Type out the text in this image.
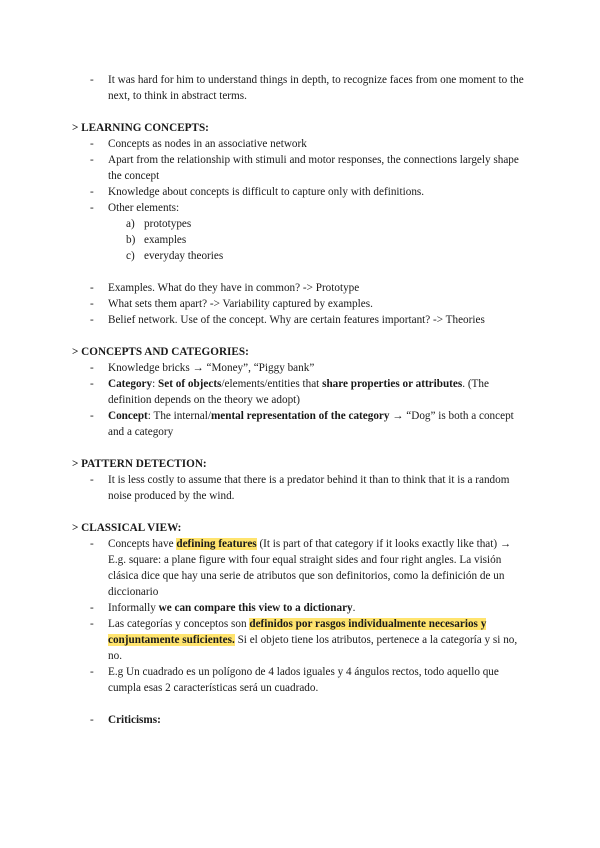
- It was hard for him to understand things in depth, to recognize faces from one moment to the next, to think in abstract terms.
> LEARNING CONCEPTS:
- Concepts as nodes in an associative network
- Apart from the relationship with stimuli and motor responses, the connections largely shape the concept
- Knowledge about concepts is difficult to capture only with definitions.
- Other elements:
a) prototypes
b) examples
c) everyday theories
- Examples. What do they have in common? -> Prototype
- What sets them apart? -> Variability captured by examples.
- Belief network. Use of the concept. Why are certain features important? -> Theories
> CONCEPTS AND CATEGORIES:
- Knowledge bricks → “Money”, “Piggy bank”
- Category: Set of objects/elements/entities that share properties or attributes. (The definition depends on the theory we adopt)
- Concept: The internal/mental representation of the category → “Dog” is both a concept and a category
> PATTERN DETECTION:
- It is less costly to assume that there is a predator behind it than to think that it is a random noise produced by the wind.
> CLASSICAL VIEW:
- Concepts have defining features (It is part of that category if it looks exactly like that) → E.g. square: a plane figure with four equal straight sides and four right angles. La visión clásica dice que hay una serie de atributos que son definitorios, como la definición de un diccionario
- Informally we can compare this view to a dictionary.
- Las categorías y conceptos son definidos por rasgos individualmente necesarios y conjuntamente suficientes. Si el objeto tiene los atributos, pertenece a la categoría y si no, no.
- E.g Un cuadrado es un polígono de 4 lados iguales y 4 ángulos rectos, todo aquello que cumpla esas 2 características será un cuadrado.
- Criticisms:
